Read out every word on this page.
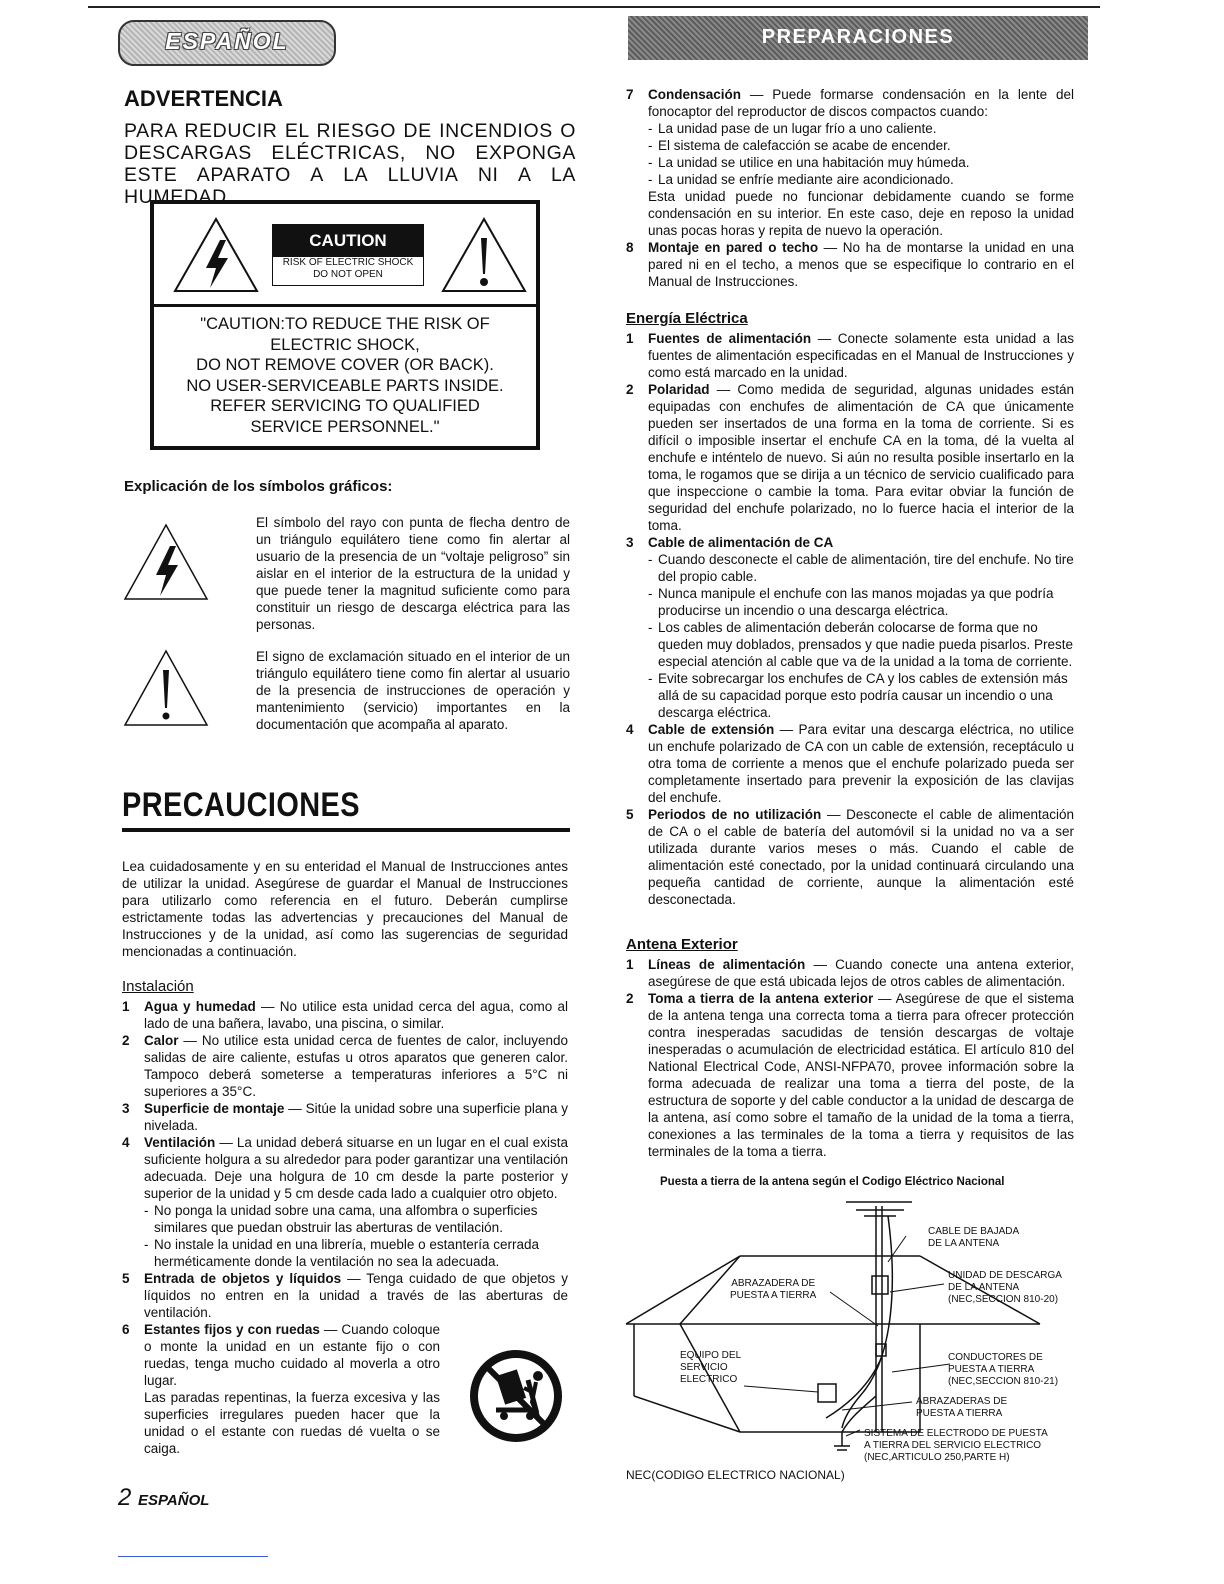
ESPAÑOL	PREPARACIONES
ADVERTENCIA
PARA REDUCIR EL RIESGO DE INCENDIOS O DESCARGAS ELÉCTRICAS, NO EXPONGA ESTE APARATO A LA LLUVIA NI A LA HUMEDAD.
CAUTION
RISK OF ELECTRIC SHOCK
DO NOT OPEN
"CAUTION:TO REDUCE THE RISK OF
ELECTRIC SHOCK,
DO NOT REMOVE COVER (OR BACK).
NO USER-SERVICEABLE PARTS INSIDE.
REFER SERVICING TO QUALIFIED
SERVICE PERSONNEL."
Explicación de los símbolos gráficos:
El símbolo del rayo con punta de flecha dentro de un triángulo equilátero tiene como fin alertar al usuario de la presencia de un “voltaje peligroso” sin aislar en el interior de la estructura de la unidad y que puede tener la magnitud suficiente como para constituir un riesgo de descarga eléctrica para las personas.
El signo de exclamación situado en el interior de un triángulo equilátero tiene como fin alertar al usuario de la presencia de instrucciones de operación y mantenimiento (servicio) importantes en la documentación que acompaña al aparato.
PRECAUCIONES
Lea cuidadosamente y en su enteridad el Manual de Instrucciones antes de utilizar la unidad. Asegúrese de guardar el Manual de Instrucciones para utilizarlo como referencia en el futuro. Deberán cumplirse estrictamente todas las advertencias y precauciones del Manual de Instrucciones y de la unidad, así como las sugerencias de seguridad mencionadas a continuación.
Instalación
1 Agua y humedad — No utilice esta unidad cerca del agua, como al lado de una bañera, lavabo, una piscina, o similar.
2 Calor — No utilice esta unidad cerca de fuentes de calor, incluyendo salidas de aire caliente, estufas u otros aparatos que generen calor. Tampoco deberá someterse a temperaturas inferiores a 5°C ni superiores a 35°C.
3 Superficie de montaje — Sitúe la unidad sobre una superficie plana y nivelada.
4 Ventilación — La unidad deberá situarse en un lugar en el cual exista suficiente holgura a su alrededor para poder garantizar una ventilación adecuada. Deje una holgura de 10 cm desde la parte posterior y superior de la unidad y 5 cm desde cada lado a cualquier otro objeto.
- No ponga la unidad sobre una cama, una alfombra o superficies similares que puedan obstruir las aberturas de ventilación.
- No instale la unidad en una librería, mueble o estantería cerrada herméticamente donde la ventilación no sea la adecuada.
5 Entrada de objetos y líquidos — Tenga cuidado de que objetos y líquidos no entren en la unidad a través de las aberturas de ventilación.
6 Estantes fijos y con ruedas — Cuando coloque o monte la unidad en un estante fijo o con ruedas, tenga mucho cuidado al moverla a otro lugar.
Las paradas repentinas, la fuerza excesiva y las superficies irregulares pueden hacer que la unidad o el estante con ruedas dé vuelta o se caiga.
2 ESPAÑOL
7 Condensación — Puede formarse condensación en la lente del fonocaptor del reproductor de discos compactos cuando:
- La unidad pase de un lugar frío a uno caliente.
- El sistema de calefacción se acabe de encender.
- La unidad se utilice en una habitación muy húmeda.
- La unidad se enfríe mediante aire acondicionado.
Esta unidad puede no funcionar debidamente cuando se forme condensación en su interior. En este caso, deje en reposo la unidad unas pocas horas y repita de nuevo la operación.
8 Montaje en pared o techo — No ha de montarse la unidad en una pared ni en el techo, a menos que se especifique lo contrario en el Manual de Instrucciones.
Energía Eléctrica
1 Fuentes de alimentación — Conecte solamente esta unidad a las fuentes de alimentación especificadas en el Manual de Instrucciones y como está marcado en la unidad.
2 Polaridad — Como medida de seguridad, algunas unidades están equipadas con enchufes de alimentación de CA que únicamente pueden ser insertados de una forma en la toma de corriente. Si es difícil o imposible insertar el enchufe CA en la toma, dé la vuelta al enchufe e inténtelo de nuevo. Si aún no resulta posible insertarlo en la toma, le rogamos que se dirija a un técnico de servicio cualificado para que inspeccione o cambie la toma. Para evitar obviar la función de seguridad del enchufe polarizado, no lo fuerce hacia el interior de la toma.
3 Cable de alimentación de CA
- Cuando desconecte el cable de alimentación, tire del enchufe. No tire del propio cable.
- Nunca manipule el enchufe con las manos mojadas ya que podría producirse un incendio o una descarga eléctrica.
- Los cables de alimentación deberán colocarse de forma que no queden muy doblados, prensados y que nadie pueda pisarlos. Preste especial atención al cable que va de la unidad a la toma de corriente.
- Evite sobrecargar los enchufes de CA y los cables de extensión más allá de su capacidad porque esto podría causar un incendio o una descarga eléctrica.
4 Cable de extensión — Para evitar una descarga eléctrica, no utilice un enchufe polarizado de CA con un cable de extensión, receptáculo u otra toma de corriente a menos que el enchufe polarizado pueda ser completamente insertado para prevenir la exposición de las clavijas del enchufe.
5 Periodos de no utilización — Desconecte el cable de alimentación de CA o el cable de batería del automóvil si la unidad no va a ser utilizada durante varios meses o más. Cuando el cable de alimentación esté conectado, por la unidad continuará circulando una pequeña cantidad de corriente, aunque la alimentación esté desconectada.
Antena Exterior
1 Líneas de alimentación — Cuando conecte una antena exterior, asegúrese de que está ubicada lejos de otros cables de alimentación.
2 Toma a tierra de la antena exterior — Asegúrese de que el sistema de la antena tenga una correcta toma a tierra para ofrecer protección contra inesperadas sacudidas de tensión descargas de voltaje inesperadas o acumulación de electricidad estática. El artículo 810 del National Electrical Code, ANSI-NFPA70, provee información sobre la forma adecuada de realizar una toma a tierra del poste, de la estructura de soporte y del cable conductor a la unidad de descarga de la antena, así como sobre el tamaño de la unidad de la toma a tierra, conexiones a las terminales de la toma a tierra y requisitos de las terminales de la toma a tierra.
Puesta a tierra de la antena según el Codigo Eléctrico Nacional
CABLE DE BAJADA
DE LA ANTENA
ABRAZADERA DE
PUESTA A TIERRA
UNIDAD DE DESCARGA
DE LA ANTENA
(NEC,SECCION 810-20)
EQUIPO DEL
SERVICIO
ELECTRICO
CONDUCTORES DE
PUESTA A TIERRA
(NEC,SECCION 810-21)
ABRAZADERAS DE
PUESTA A TIERRA
SISTEMA DE ELECTRODO DE PUESTA
A TIERRA DEL SERVICIO ELECTRICO
(NEC,ARTICULO 250,PARTE H)
NEC(CODIGO ELECTRICO NACIONAL)
